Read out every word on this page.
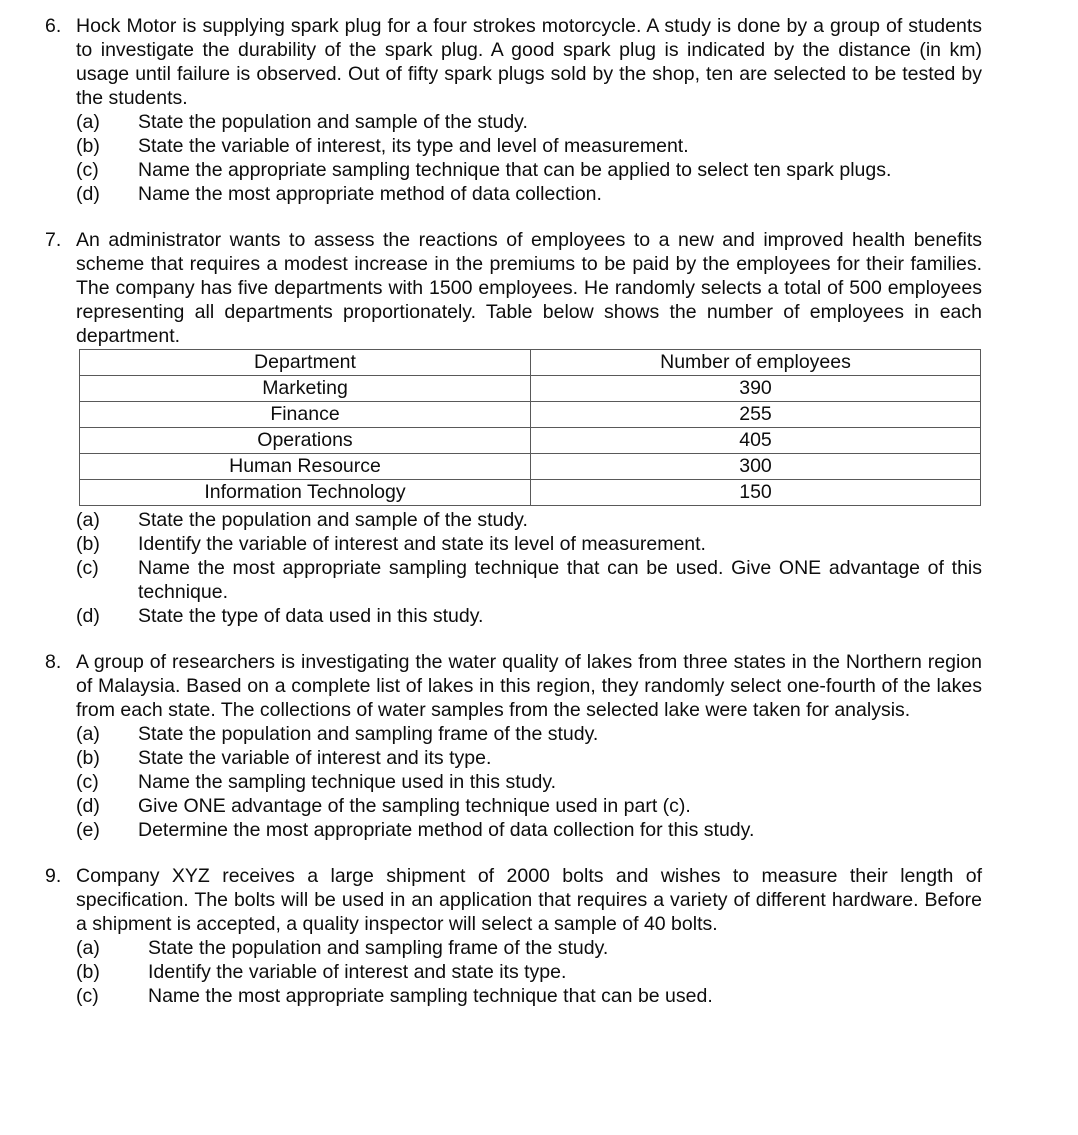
6. Hock Motor is supplying spark plug for a four strokes motorcycle. A study is done by a group of students to investigate the durability of the spark plug. A good spark plug is indicated by the distance (in km) usage until failure is observed. Out of fifty spark plugs sold by the shop, ten are selected to be tested by the students.

(a)	State the population and sample of the study.
(b)	State the variable of interest, its type and level of measurement.
(c)	Name the appropriate sampling technique that can be applied to select ten spark plugs.
(d)	Name the most appropriate method of data collection.
7. An administrator wants to assess the reactions of employees to a new and improved health benefits scheme that requires a modest increase in the premiums to be paid by the employees for their families. The company has five departments with 1500 employees. He randomly selects a total of 500 employees representing all departments proportionately. Table below shows the number of employees in each department.

Department	Number of employees
Marketing	390
Finance	255
Operations	405
Human Resource	300
Information Technology	150
(a)	State the population and sample of the study.
(b)	Identify the variable of interest and state its level of measurement.
(c)	Name the most appropriate sampling technique that can be used. Give ONE advantage of this technique.
(d)	State the type of data used in this study.
8. A group of researchers is investigating the water quality of lakes from three states in the Northern region of Malaysia. Based on a complete list of lakes in this region, they randomly select one-fourth of the lakes from each state. The collections of water samples from the selected lake were taken for analysis.

(a)	State the population and sampling frame of the study.
(b)	State the variable of interest and its type.
(c)	Name the sampling technique used in this study.
(d)	Give ONE advantage of the sampling technique used in part (c).
(e)	Determine the most appropriate method of data collection for this study.
9. Company XYZ receives a large shipment of 2000 bolts and wishes to measure their length of specification. The bolts will be used in an application that requires a variety of different hardware. Before a shipment is accepted, a quality inspector will select a sample of 40 bolts.

(a)	State the population and sampling frame of the study.
(b)	Identify the variable of interest and state its type.
(c)	Name the most appropriate sampling technique that can be used.
